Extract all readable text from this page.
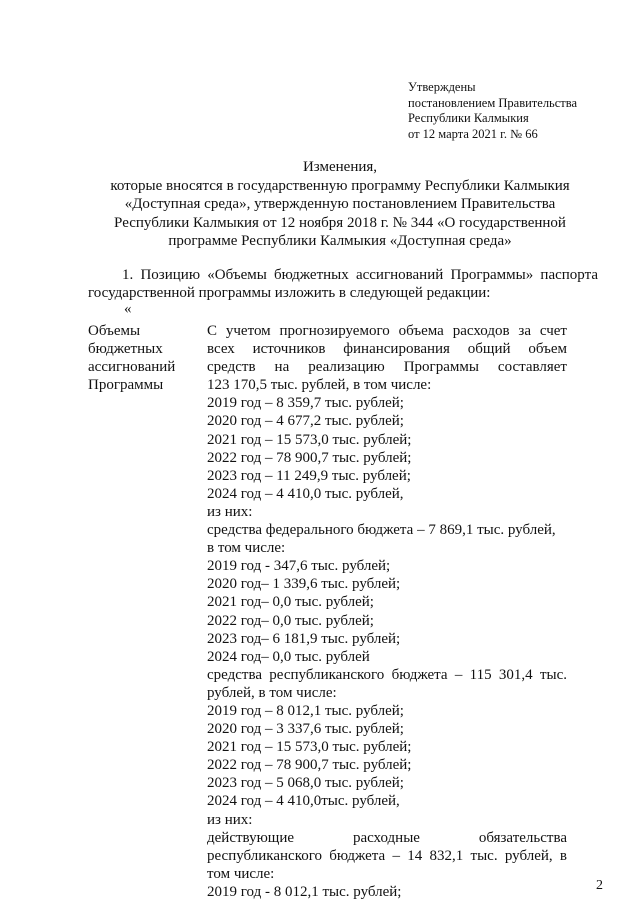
Утверждены
постановлением Правительства
Республики Калмыкия
от 12 марта 2021 г. № 66
Изменения,
которые вносятся в государственную программу Республики Калмыкия
«Доступная среда», утвержденную постановлением Правительства
Республики Калмыкия от 12 ноября 2018 г. № 344 «О государственной
программе Республики Калмыкия «Доступная среда»
1. Позицию «Объемы бюджетных ассигнований Программы» паспорта
государственной программы изложить в следующей редакции:
«
Объемы
бюджетных
ассигнований
Программы
С учетом прогнозируемого объема расходов за счет
всех источников финансирования общий объем
средств на реализацию Программы составляет
123 170,5 тыс. рублей, в том числе:
2019 год – 8 359,7 тыс. рублей;
2020 год – 4 677,2 тыс. рублей;
2021 год – 15 573,0 тыс. рублей;
2022 год – 78 900,7 тыс. рублей;
2023 год – 11 249,9 тыс. рублей;
2024 год – 4 410,0 тыс. рублей,
из них:
средства федерального бюджета – 7 869,1 тыс. рублей,
в том числе:
2019 год - 347,6 тыс. рублей;
2020 год– 1 339,6 тыс. рублей;
2021 год– 0,0 тыс. рублей;
2022 год– 0,0 тыс. рублей;
2023 год– 6 181,9 тыс. рублей;
2024 год– 0,0 тыс. рублей
средства республиканского бюджета – 115 301,4 тыс.
рублей, в том числе:
2019 год – 8 012,1 тыс. рублей;
2020 год – 3 337,6 тыс. рублей;
2021 год – 15 573,0 тыс. рублей;
2022 год – 78 900,7 тыс. рублей;
2023 год – 5 068,0 тыс. рублей;
2024 год – 4 410,0тыс. рублей,
из них:
действующие расходные обязательства
республиканского бюджета – 14 832,1 тыс. рублей, в
том числе:
2019 год - 8 012,1 тыс. рублей;	2
